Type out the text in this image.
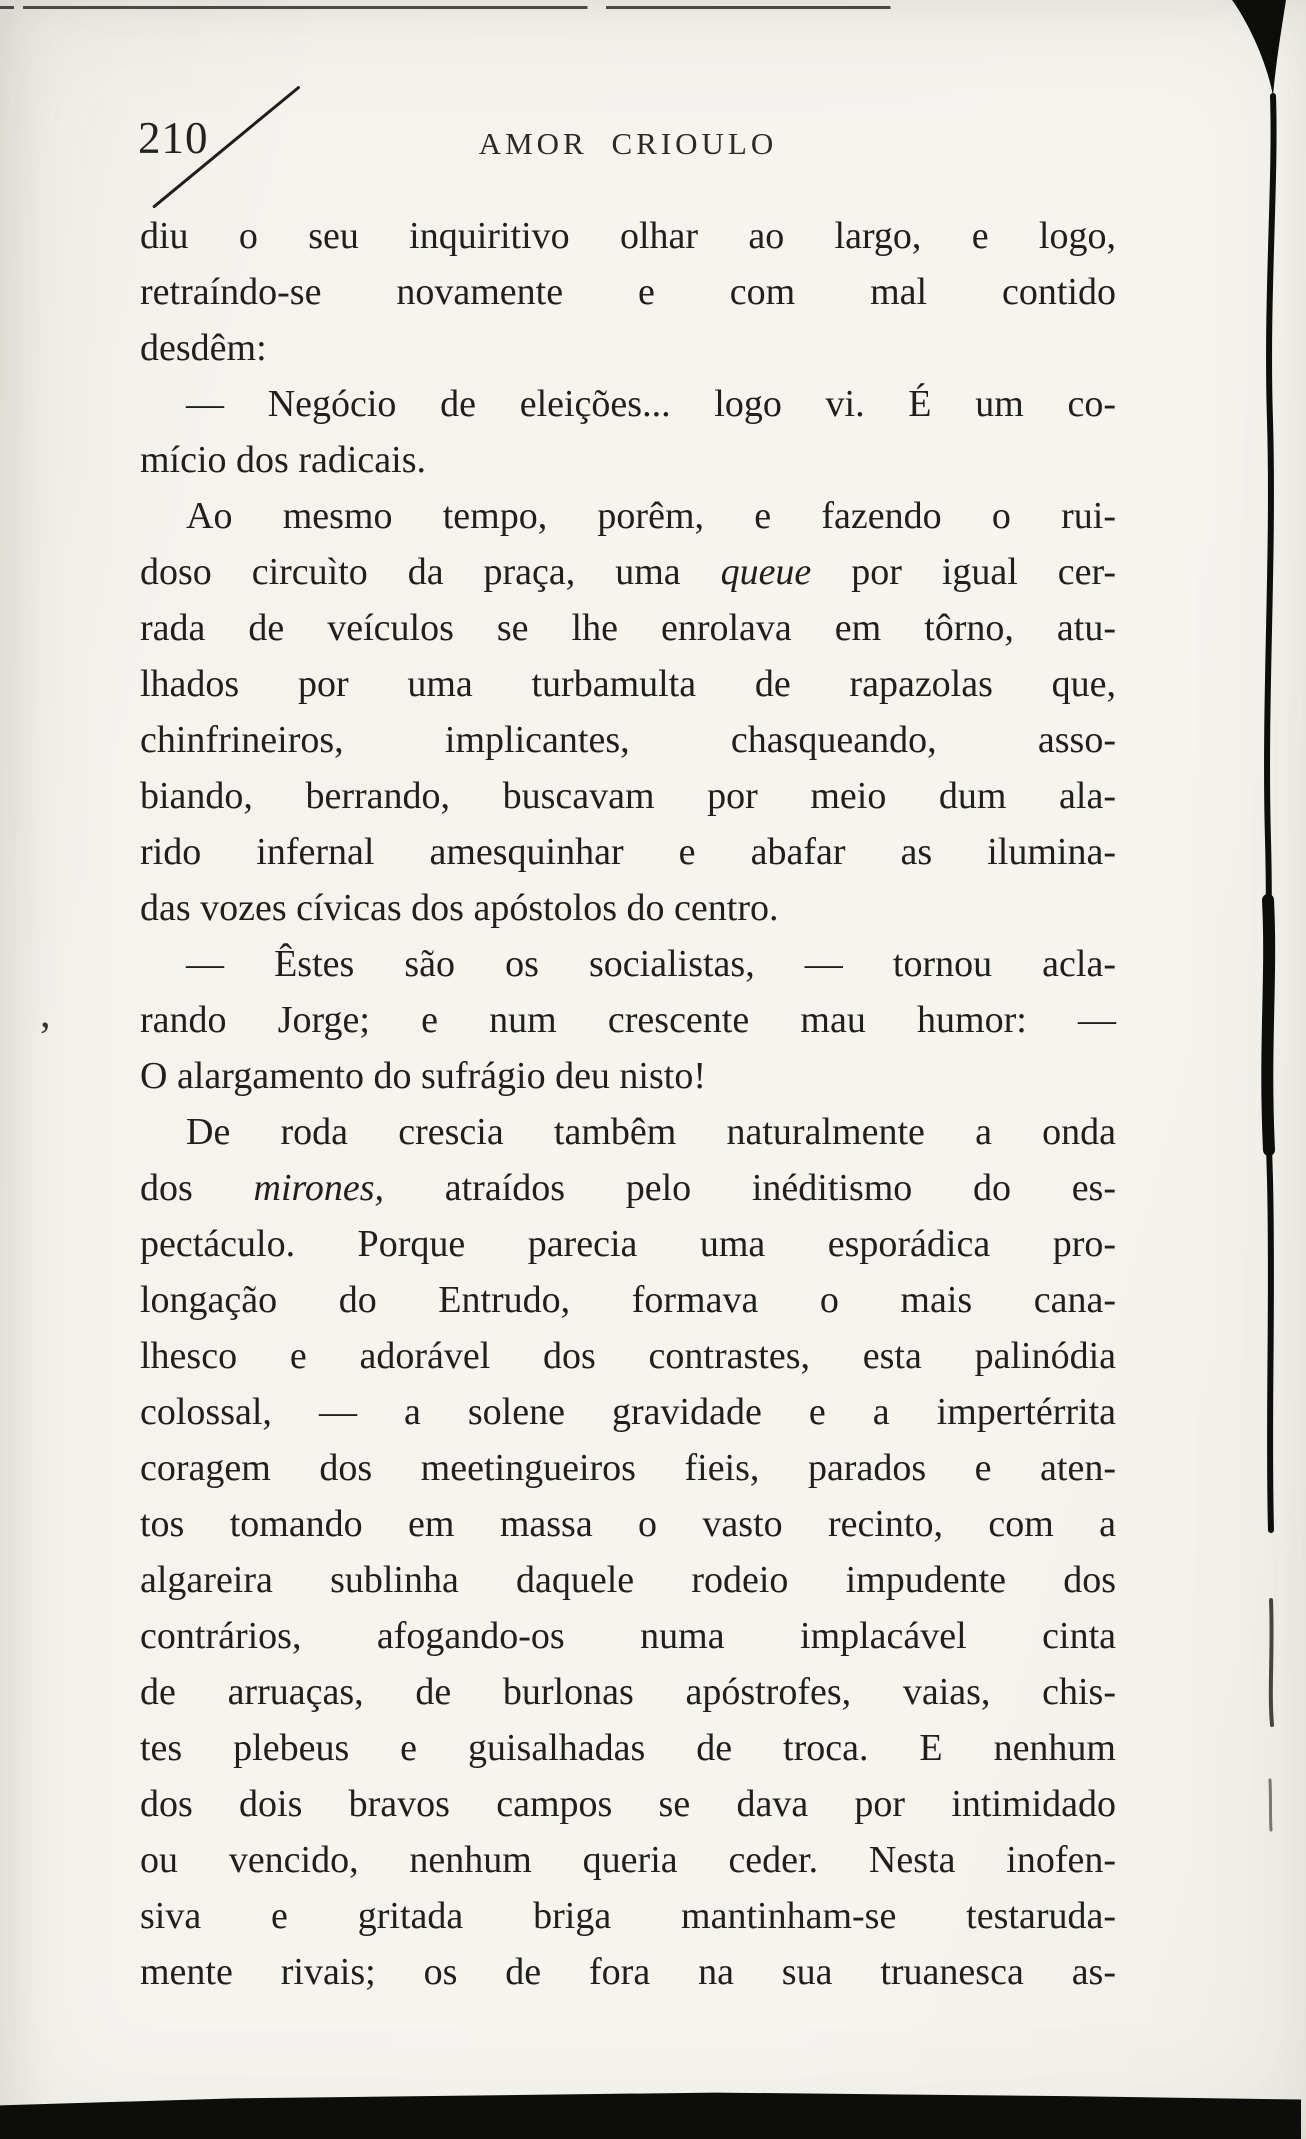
‚
210	AMOR CRIOULO
diu o seu inquiritivo olhar ao largo, e logo,
retraíndo-se novamente e com mal contido
desdêm:
— Negócio de eleições... logo vi. É um co-
mício dos radicais.
Ao mesmo tempo, porêm, e fazendo o rui-
doso circuìto da praça, uma queue por igual cer-
rada de veículos se lhe enrolava em tôrno, atu-
lhados por uma turbamulta de rapazolas que,
chinfrineiros, implicantes, chasqueando, asso-
biando, berrando, buscavam por meio dum ala-
rido infernal amesquinhar e abafar as ilumina-
das vozes cívicas dos apóstolos do centro.
— Êstes são os socialistas, — tornou acla-
rando Jorge; e num crescente mau humor: —
O alargamento do sufrágio deu nisto!
De roda crescia tambêm naturalmente a onda
dos mirones, atraídos pelo inéditismo do es-
pectáculo. Porque parecia uma esporádica pro-
longação do Entrudo, formava o mais cana-
lhesco e adorável dos contrastes, esta palinódia
colossal, — a solene gravidade e a impertérrita
coragem dos meetingueiros fieis, parados e aten-
tos tomando em massa o vasto recinto, com a
algareira sublinha daquele rodeio impudente dos
contrários, afogando-os numa implacável cinta
de arruaças, de burlonas apóstrofes, vaias, chis-
tes plebeus e guisalhadas de troca. E nenhum
dos dois bravos campos se dava por intimidado
ou vencido, nenhum queria ceder. Nesta inofen-
siva e gritada briga mantinham-se testaruda-
mente rivais; os de fora na sua truanesca as-
